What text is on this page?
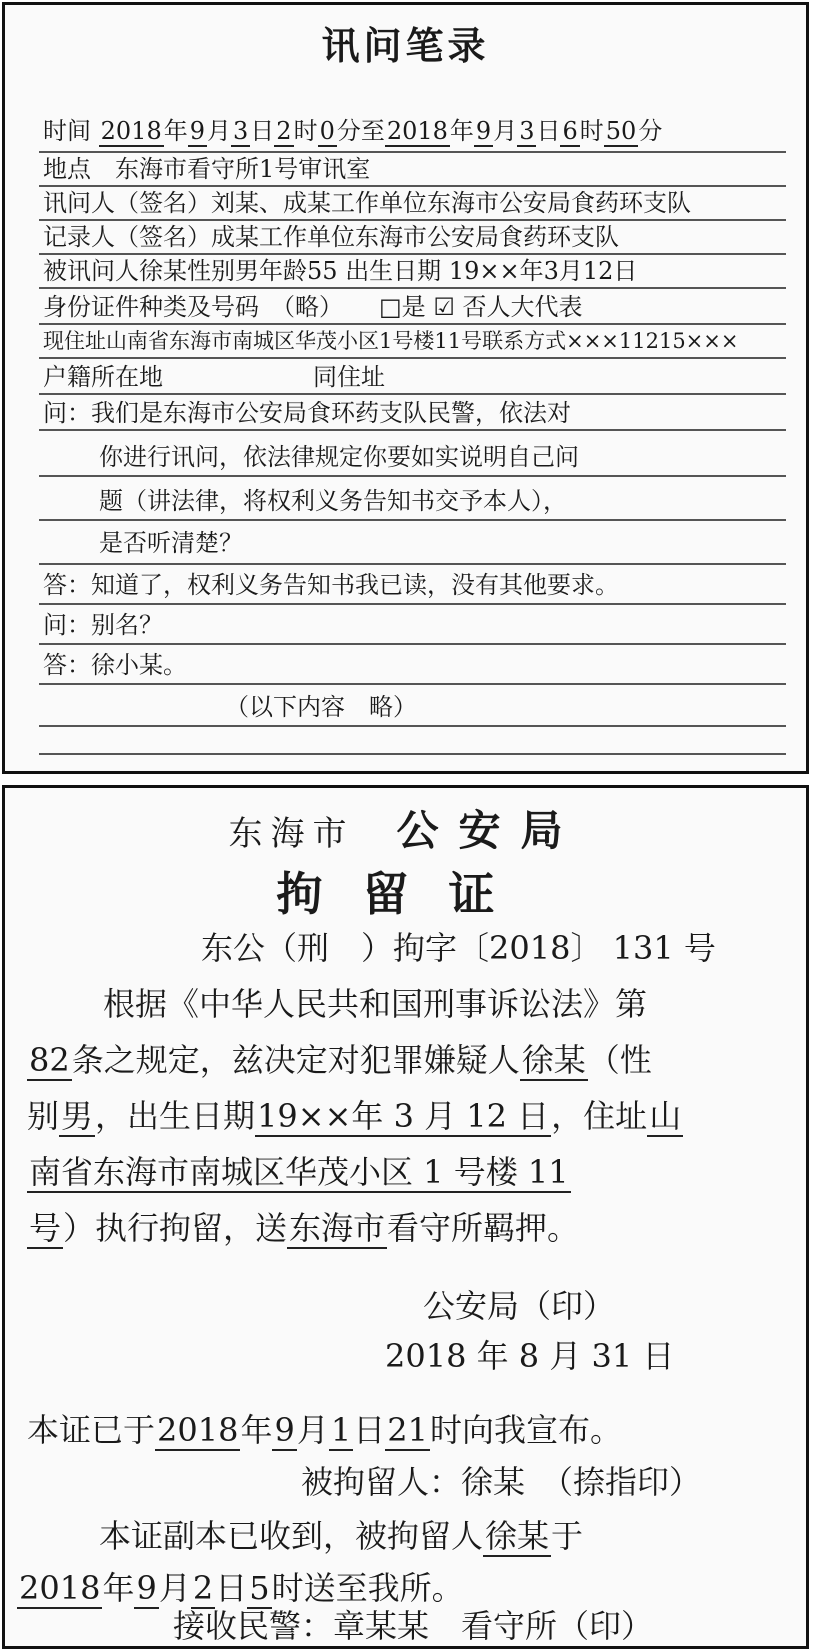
讯问笔录
时间 2018年9月3日2时0分至2018年9月3日6时50分
地点　 东海市看守所1号审讯室
讯问人（签名）刘某、成某工作单位东海市公安局食药环支队
记录人（签名）成某工作单位东海市公安局食药环支队
被讯问人徐某性别男年龄55 出生日期 19××年3月12日
身份证件种类及号码　 （略）　　 □是 ☑ 否人大代表
现住址山南省东海市南城区华茂小区1号楼11号联系方式×××11215×××
户籍所在地	同住址
问：我们是东海市公安局食环药支队民警，依法对
你进行讯问，依法律规定你要如实说明自己问
题（讲法律，将权利义务告知书交予本人），
是否听清楚？
答：知道了，权利义务告知书我已读，没有其他要求。
问：别名？
答：徐小某。
（以下内容　略）
东海市　 公安局
拘留证
东公（刑　）拘字〔2018〕 131 号
根据《中华人民共和国刑事诉讼法》第
82条之规定，兹决定对犯罪嫌疑人徐某（性
别男，出生日期19××年 3 月 12 日，住址山
南省东海市南城区华茂小区 1 号楼 11
号）执行拘留，送东海市看守所羁押。
公安局（印）
2018 年 8 月 31 日
本证已于2018年9月1日21时向我宣布。
被拘留人：徐某　（捺指印）
本证副本已收到，被拘留人徐某于
2018年9月2日5时送至我所。
接收民警：章某某　看守所（印）
